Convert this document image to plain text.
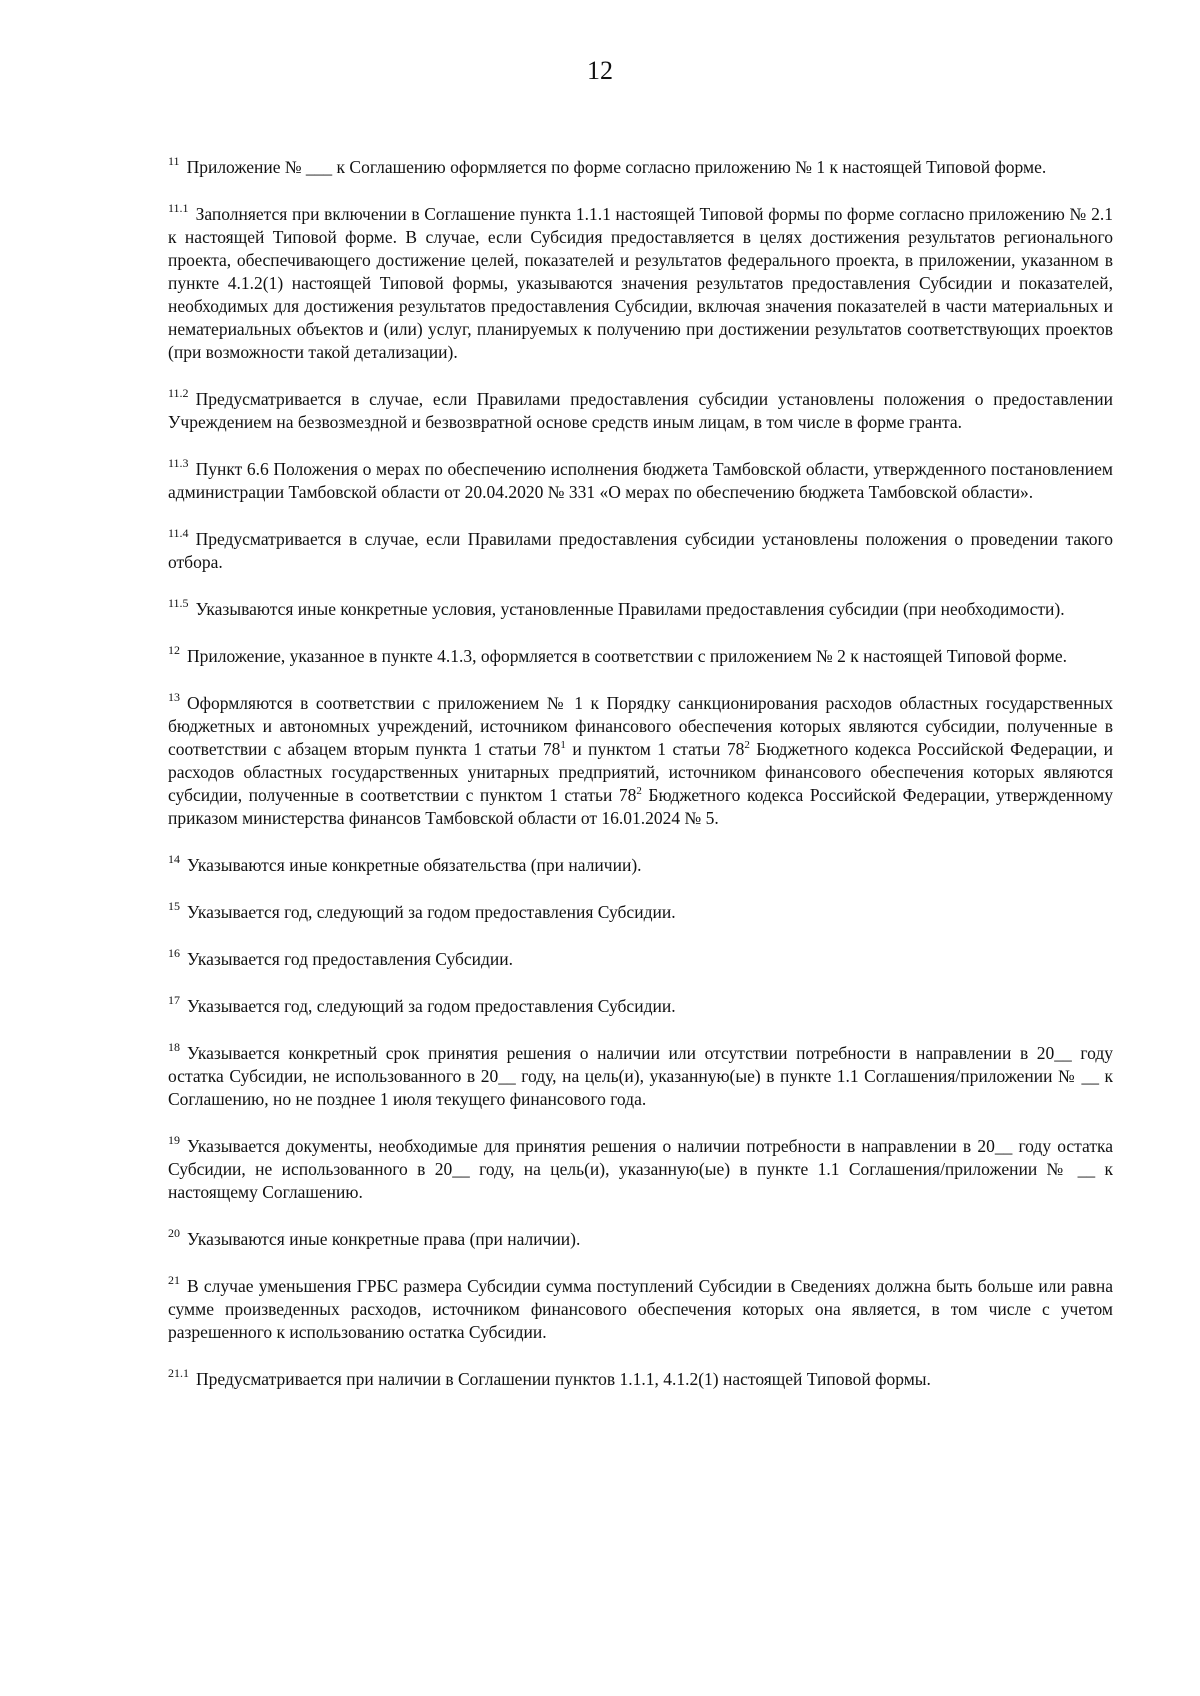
12

$^{11}$ Приложение № ___ к Соглашению оформляется по форме согласно приложению № 1 к настоящей Типовой форме.

$^{11.1}$ Заполняется при включении в Соглашение пункта 1.1.1 настоящей Типовой формы по форме согласно приложению № 2.1 к настоящей Типовой форме. В случае, если Субсидия предоставляется в целях достижения результатов регионального проекта, обеспечивающего достижение целей, показателей и результатов федерального проекта, в приложении, указанном в пункте 4.1.2(1) настоящей Типовой формы, указываются значения результатов предоставления Субсидии и показателей, необходимых для достижения результатов предоставления Субсидии, включая значения показателей в части материальных и нематериальных объектов и (или) услуг, планируемых к получению при достижении результатов соответствующих проектов (при возможности такой детализации).

$^{11.2}$ Предусматривается в случае, если Правилами предоставления субсидии установлены положения о предоставлении Учреждением на безвозмездной и безвозвратной основе средств иным лицам, в том числе в форме гранта.

$^{11.3}$ Пункт 6.6 Положения о мерах по обеспечению исполнения бюджета Тамбовской области, утвержденного постановлением администрации Тамбовской области от 20.04.2020 № 331 «О мерах по обеспечению бюджета Тамбовской области».

$^{11.4}$ Предусматривается в случае, если Правилами предоставления субсидии установлены положения о проведении такого отбора.

$^{11.5}$ Указываются иные конкретные условия, установленные Правилами предоставления субсидии (при необходимости).

$^{12}$ Приложение, указанное в пункте 4.1.3, оформляется в соответствии с приложением № 2 к настоящей Типовой форме.

$^{13}$ Оформляются в соответствии с приложением № 1 к Порядку санкционирования расходов областных государственных бюджетных и автономных учреждений, источником финансового обеспечения которых являются субсидии, полученные в соответствии с абзацем вторым пункта 1 статьи $78^1$ и пунктом 1 статьи $78^2$ Бюджетного кодекса Российской Федерации, и расходов областных государственных унитарных предприятий, источником финансового обеспечения которых являются субсидии, полученные в соответствии с пунктом 1 статьи $78^2$ Бюджетного кодекса Российской Федерации, утвержденному приказом министерства финансов Тамбовской области от 16.01.2024 № 5.

$^{14}$ Указываются иные конкретные обязательства (при наличии).

$^{15}$ Указывается год, следующий за годом предоставления Субсидии.

$^{16}$ Указывается год предоставления Субсидии.

$^{17}$ Указывается год, следующий за годом предоставления Субсидии.

$^{18}$ Указывается конкретный срок принятия решения о наличии или отсутствии потребности в направлении в 20__ году остатка Субсидии, не использованного в 20__ году, на цель(и), указанную(ые) в пункте 1.1 Соглашения/приложении № __ к Соглашению, но не позднее 1 июля текущего финансового года.

$^{19}$ Указывается документы, необходимые для принятия решения о наличии потребности в направлении в 20__ году остатка Субсидии, не использованного в 20__ году, на цель(и), указанную(ые) в пункте 1.1 Соглашения/приложении № __ к настоящему Соглашению.

$^{20}$ Указываются иные конкретные права (при наличии).

$^{21}$ В случае уменьшения ГРБС размера Субсидии сумма поступлений Субсидии в Сведениях должна быть больше или равна сумме произведенных расходов, источником финансового обеспечения которых она является, в том числе с учетом разрешенного к использованию остатка Субсидии.

$^{21.1}$ Предусматривается при наличии в Соглашении пунктов 1.1.1, 4.1.2(1) настоящей Типовой формы.
